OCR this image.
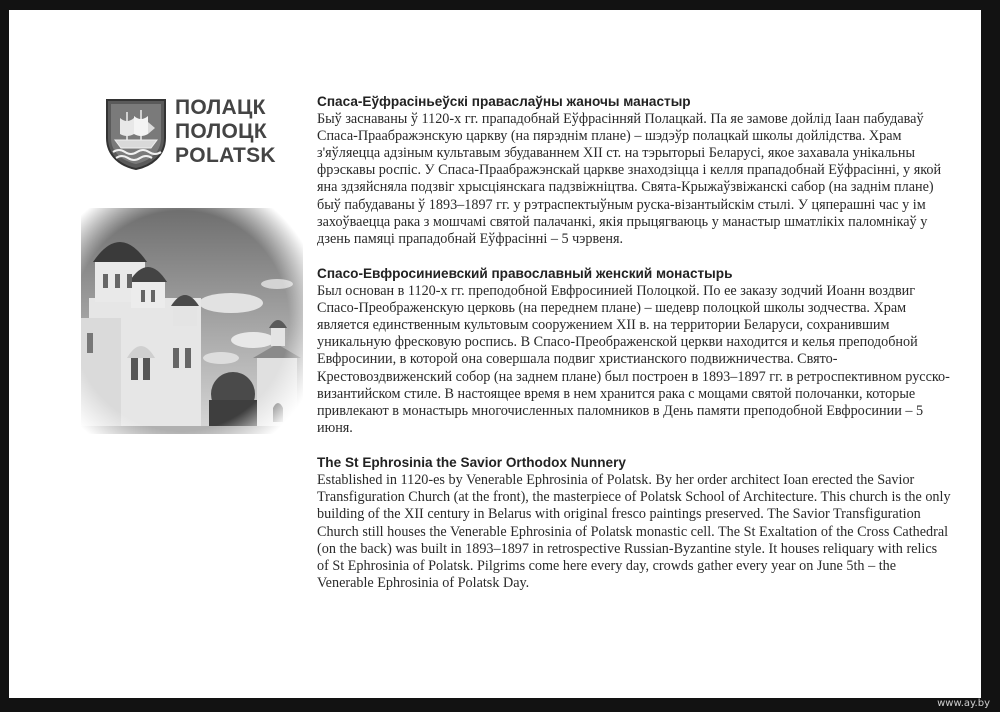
ПОЛАЦК
ПОЛОЦК
POLATSK
Спаса-Еўфрасіньеўскі праваслаўны жаночы манастыр

Быў заснаваны ў 1120-х гг. прападобнай Еўфрасінняй Полацкай. Па яе замове дойлід Іаан пабудаваў Спаса-Праабражэнскую царкву (на пярэднім плане) – шэдэўр полацкай школы дойлідства. Храм з'яўляецца адзіным культавым збудаваннем XII ст. на тэрыторыі Беларусі, якое захавала унікальны фрэскавы роспіс. У Спаса-Праабражэнскай царкве знаходзіцца і келля прападобнай Еўфрасінні, у якой яна здзяйсняла подзвіг хрысціянскага падзвіжніцтва. Свята-Крыжаўзвіжанскі сабор (на заднім плане) быў пабудаваны ў 1893–1897 гг. у рэтраспектыўным руска-візантыйскім стылі. У цяперашні час у ім захоўваецца рака з мошчамі святой палачанкі, якія прыцягваюць у манастыр шматлікіх паломнікаў у дзень памяці прападобнай Еўфрасінні – 5 чэрвеня.

Спасо-Евфросиниевский православный женский монастырь

Был основан в 1120-х гг. преподобной Евфросинией Полоцкой. По ее заказу зодчий Иоанн воздвиг Спасо-Преображенскую церковь (на переднем плане) – шедевр полоцкой школы зодчества. Храм является единственным культовым сооружением XII в. на территории Беларуси, сохранившим уникальную фресковую роспись. В Спасо-Преображенской церкви находится и келья преподобной Евфросинии, в которой она совершала подвиг христианского подвижничества. Свято-Крестовоздвиженский собор (на заднем плане) был построен в 1893–1897 гг. в ретроспективном русско-византийском стиле. В настоящее время в нем хранится рака с мощами святой полочанки, которые привлекают в монастырь многочисленных паломников в День памяти преподобной Евфросинии – 5 июня.

The St Ephrosinia the Savior Orthodox Nunnery

Established in 1120-es by Venerable Ephrosinia of Polatsk. By her order architect Ioan erected the Savior Transfiguration Church (at the front), the masterpiece of Polatsk School of Architecture. This church is the only building of the XII century in Belarus with original fresco paintings preserved. The Savior Transfiguration Church still houses the Venerable Ephrosinia of Polatsk monastic cell. The St Exaltation of the Cross Cathedral (on the back) was built in 1893–1897 in retrospective Russian-Byzantine style. It houses reliquary with relics of St Ephrosinia of Polatsk. Pilgrims come here every day, crowds gather every year on June 5th – the Venerable Ephrosinia of Polatsk Day.

www.ay.by
